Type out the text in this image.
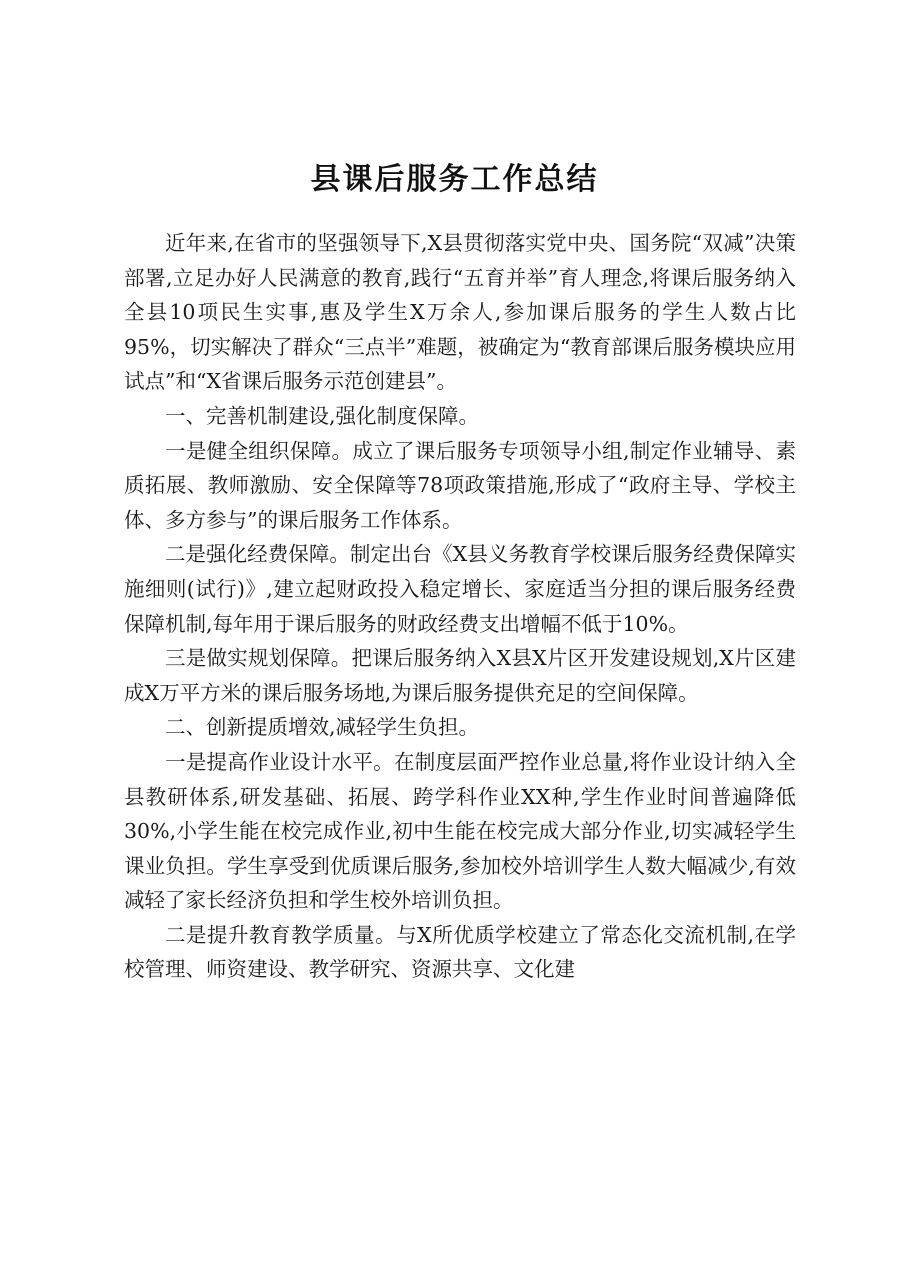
县课后服务工作总结

近年来,在省市的坚强领导下,X县贯彻落实党中央、国务院“双减”决策部署,立足办好人民满意的教育,践行“五育并举”育人理念,将课后服务纳入全县10项民生实事,惠及学生X万余人,参加课后服务的学生人数占比95%，切实解决了群众“三点半”难题，被确定为“教育部课后服务模块应用试点”和“X省课后服务示范创建县”。

一、完善机制建设,强化制度保障。

一是健全组织保障。成立了课后服务专项领导小组,制定作业辅导、素质拓展、教师激励、安全保障等78项政策措施,形成了“政府主导、学校主体、多方参与”的课后服务工作体系。

二是强化经费保障。制定出台《X县义务教育学校课后服务经费保障实施细则(试行)》,建立起财政投入稳定增长、家庭适当分担的课后服务经费保障机制,每年用于课后服务的财政经费支出增幅不低于10%。

三是做实规划保障。把课后服务纳入X县X片区开发建设规划,X片区建成X万平方米的课后服务场地,为课后服务提供充足的空间保障。

二、创新提质增效,减轻学生负担。

一是提高作业设计水平。在制度层面严控作业总量,将作业设计纳入全县教研体系,研发基础、拓展、跨学科作业XX种,学生作业时间普遍降低30%,小学生能在校完成作业,初中生能在校完成大部分作业,切实减轻学生课业负担。学生享受到优质课后服务,参加校外培训学生人数大幅减少,有效减轻了家长经济负担和学生校外培训负担。

二是提升教育教学质量。与X所优质学校建立了常态化交流机制,在学校管理、师资建设、教学研究、资源共享、文化建
